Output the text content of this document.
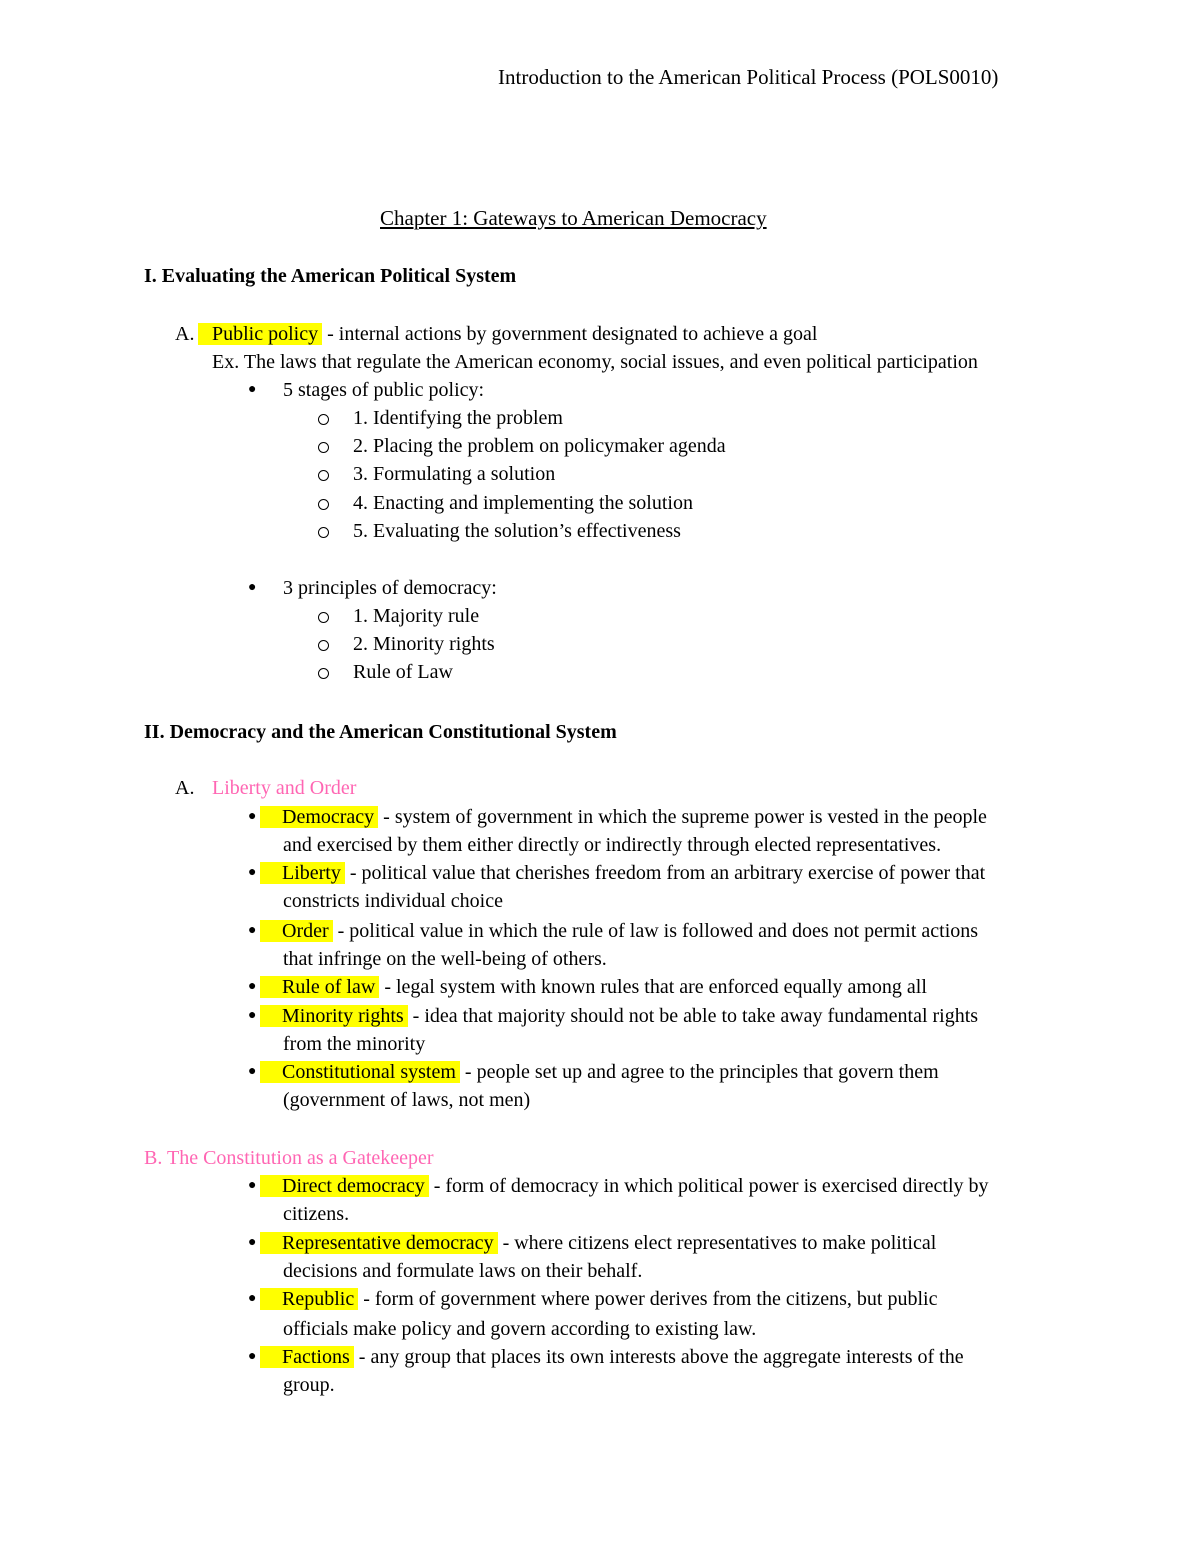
Introduction to the American Political Process (POLS0010)
Chapter 1: Gateways to American Democracy
I. Evaluating the American Political System
A. Public policy - internal actions by government designated to achieve a goal
Ex. The laws that regulate the American economy, social issues, and even political participation
● 5 stages of public policy:
1. Identifying the problem
2. Placing the problem on policymaker agenda
3. Formulating a solution
4. Enacting and implementing the solution
5. Evaluating the solution’s effectiveness
● 3 principles of democracy:
1. Majority rule
2. Minority rights
Rule of Law
II. Democracy and the American Constitutional System
A. Liberty and Order
●	Democracy - system of government in which the supreme power is vested in the people
and exercised by them either directly or indirectly through elected representatives.
●	Liberty - political value that cherishes freedom from an arbitrary exercise of power that
constricts individual choice
●	Order - political value in which the rule of law is followed and does not permit actions
that infringe on the well-being of others.
●	Rule of law - legal system with known rules that are enforced equally among all
●	Minority rights - idea that majority should not be able to take away fundamental rights
from the minority
●	Constitutional system - people set up and agree to the principles that govern them
(government of laws, not men)
B. The Constitution as a Gatekeeper
●	Direct democracy - form of democracy in which political power is exercised directly by
citizens.
●	Representative democracy - where citizens elect representatives to make political
decisions and formulate laws on their behalf.
●	Republic - form of government where power derives from the citizens, but public
officials make policy and govern according to existing law.
●	Factions - any group that places its own interests above the aggregate interests of the
group.
